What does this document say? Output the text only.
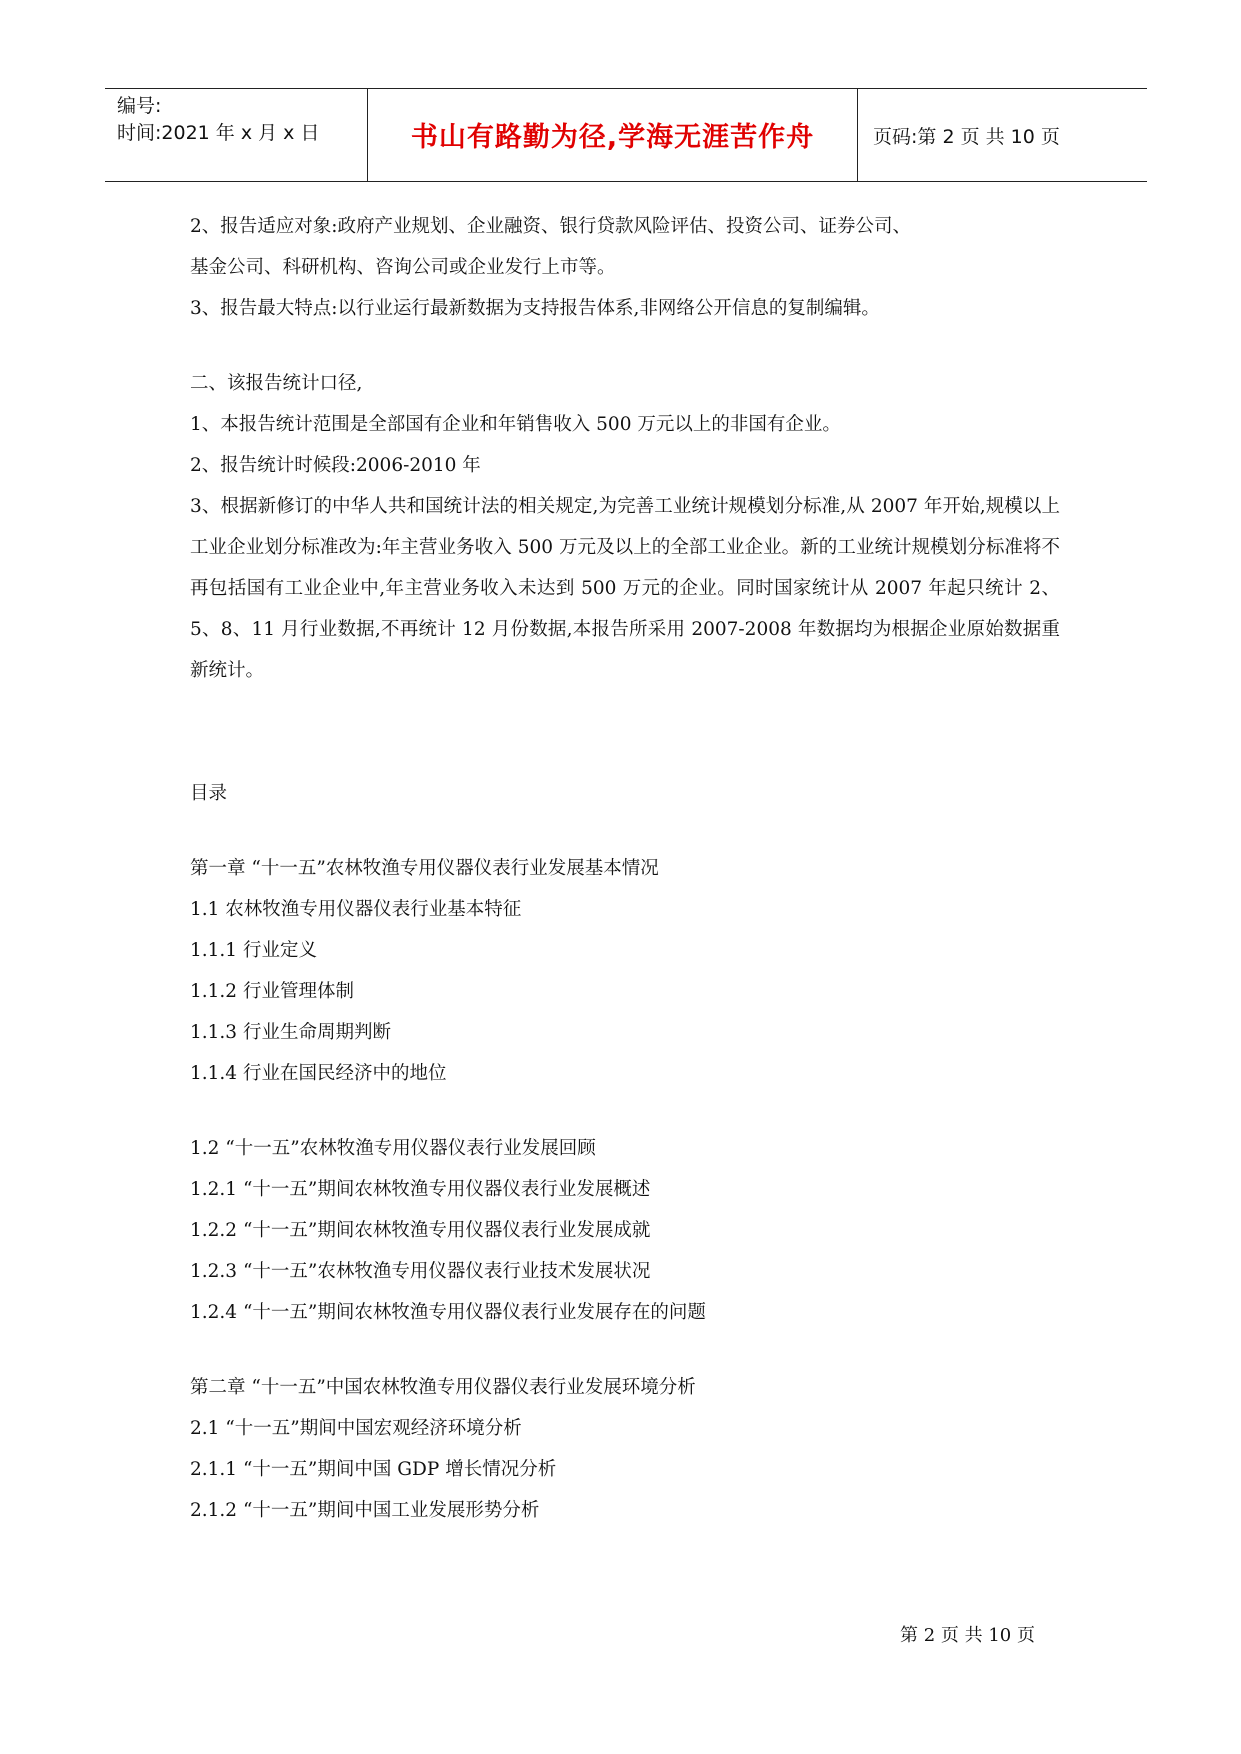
编号:
时间:2021 年 x 月 x 日	书山有路勤为径,学海无涯苦作舟	页码:第 2 页 共 10 页

2、报告适应对象:政府产业规划、企业融资、银行贷款风险评估、投资公司、证券公司、

基金公司、科研机构、咨询公司或企业发行上市等。

3、报告最大特点:以行业运行最新数据为支持报告体系,非网络公开信息的复制编辑。

二、该报告统计口径,

1、本报告统计范围是全部国有企业和年销售收入 500 万元以上的非国有企业。

2、报告统计时候段:2006-2010 年

3、根据新修订的中华人共和国统计法的相关规定,为完善工业统计规模划分标准,从 2007 年开始,规模以上工业企业划分标准改为:年主营业务收入 500 万元及以上的全部工业企业。新的工业统计规模划分标准将不再包括国有工业企业中,年主营业务收入未达到 500 万元的企业。同时国家统计从 2007 年起只统计 2、5、8、11 月行业数据,不再统计 12 月份数据,本报告所采用 2007-2008 年数据均为根据企业原始数据重新统计。

目录

第一章 “十一五”农林牧渔专用仪器仪表行业发展基本情况

1.1 农林牧渔专用仪器仪表行业基本特征

1.1.1 行业定义

1.1.2 行业管理体制

1.1.3 行业生命周期判断

1.1.4 行业在国民经济中的地位

1.2 “十一五”农林牧渔专用仪器仪表行业发展回顾

1.2.1 “十一五”期间农林牧渔专用仪器仪表行业发展概述

1.2.2 “十一五”期间农林牧渔专用仪器仪表行业发展成就

1.2.3 “十一五”农林牧渔专用仪器仪表行业技术发展状况

1.2.4 “十一五”期间农林牧渔专用仪器仪表行业发展存在的问题

第二章 “十一五”中国农林牧渔专用仪器仪表行业发展环境分析

2.1 “十一五”期间中国宏观经济环境分析

2.1.1 “十一五”期间中国 GDP 增长情况分析

2.1.2 “十一五”期间中国工业发展形势分析

第 2 页 共 10 页
